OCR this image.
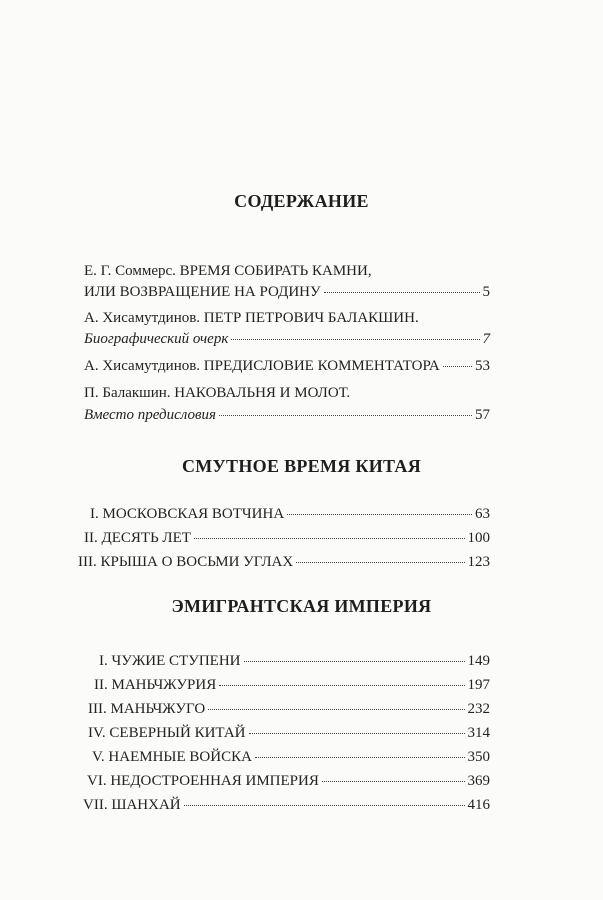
СОДЕРЖАНИЕ
Е. Г. Соммерс. ВРЕМЯ СОБИРАТЬ КАМНИ,
ИЛИ ВОЗВРАЩЕНИЕ НА РОДИНУ	5
А. Хисамутдинов. ПЕТР ПЕТРОВИЧ БАЛАКШИН.
Биографический очерк	7
А. Хисамутдинов. ПРЕДИСЛОВИЕ КОММЕНТАТОРА 53
П. Балакшин. НАКОВАЛЬНЯ И МОЛОТ.
Вместо предисловия	57
СМУТНОЕ ВРЕМЯ КИТАЯ
I. МОСКОВСКАЯ ВОТЧИНА	63
II. ДЕСЯТЬ ЛЕТ	100
III. КРЫША О ВОСЬМИ УГЛАХ	123
ЭМИГРАНТСКАЯ ИМПЕРИЯ
I. ЧУЖИЕ СТУПЕНИ	149
II. МАНЬЧЖУРИЯ	197
III. МАНЬЧЖУГО	232
IV. СЕВЕРНЫЙ КИТАЙ	314
V. НАЕМНЫЕ ВОЙСКА	350
VI. НЕДОСТРОЕННАЯ ИМПЕРИЯ	369
VII. ШАНХАЙ	416
